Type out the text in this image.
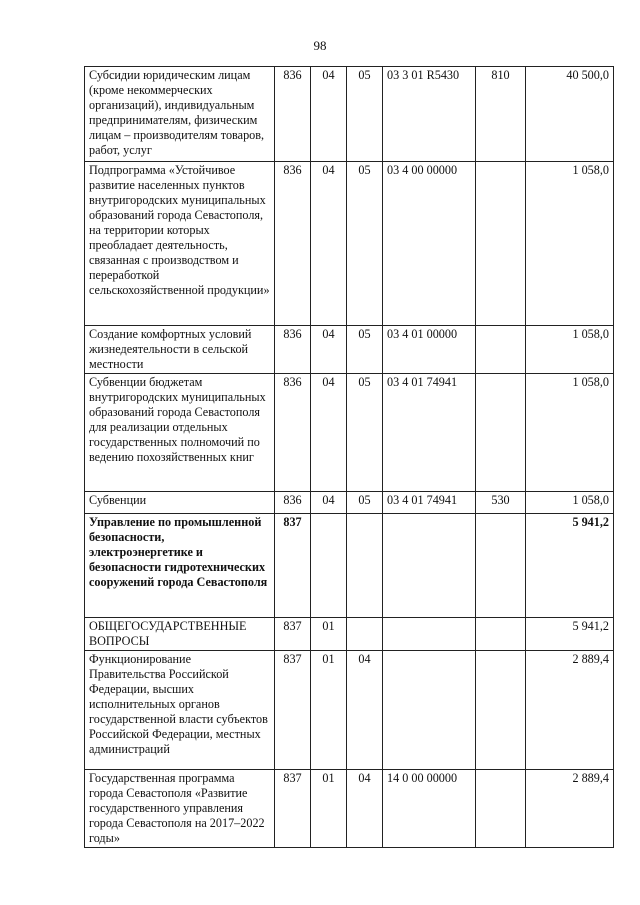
98
Субсидии юридическим лицам (кроме некоммерческих организаций), индивидуальным предпринимателям, физическим лицам – производителям товаров, работ, услуг	836	04	05	03 3 01 R5430	810	40 500,0
Подпрограмма «Устойчивое развитие населенных пунктов внутригородских муниципальных образований города Севастополя, на территории которых преобладает деятельность, связанная с производством и переработкой сельскохозяйственной продукции»	836	04	05	03 4 00 00000		1 058,0
Создание комфортных условий жизнедеятельности в сельской местности	836	04	05	03 4 01 00000		1 058,0
Субвенции бюджетам внутригородских муниципальных образований города Севастополя для реализации отдельных государственных полномочий по ведению похозяйственных книг	836	04	05	03 4 01 74941		1 058,0
Субвенции	836	04	05	03 4 01 74941	530	1 058,0
Управление по промышленной безопасности, электроэнергетике и безопасности гидротехнических сооружений города Севастополя	837					5 941,2
ОБЩЕГОСУДАРСТВЕННЫЕ ВОПРОСЫ	837	01				5 941,2
Функционирование Правительства Российской Федерации, высших исполнительных органов государственной власти субъектов Российской Федерации, местных администраций	837	01	04			2 889,4
Государственная программа города Севастополя «Развитие государственного управления города Севастополя на 2017–2022 годы»	837	01	04	14 0 00 00000		2 889,4
